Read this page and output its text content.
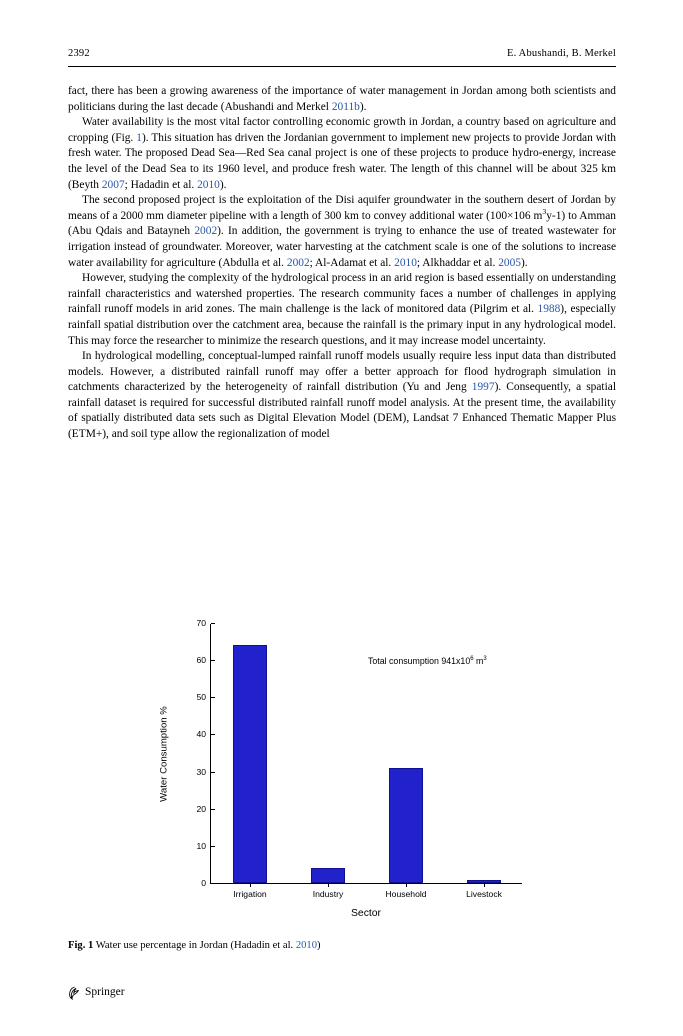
2392	E. Abushandi, B. Merkel

fact, there has been a growing awareness of the importance of water management in Jordan among both scientists and politicians during the last decade (Abushandi and Merkel 2011b).

Water availability is the most vital factor controlling economic growth in Jordan, a country based on agriculture and cropping (Fig. 1). This situation has driven the Jordanian government to implement new projects to provide Jordan with fresh water. The proposed Dead Sea—Red Sea canal project is one of these projects to produce hydro-energy, increase the level of the Dead Sea to its 1960 level, and produce fresh water. The length of this channel will be about 325 km (Beyth 2007; Hadadin et al. 2010).

The second proposed project is the exploitation of the Disi aquifer groundwater in the southern desert of Jordan by means of a 2000 mm diameter pipeline with a length of 300 km to convey additional water (100×106 $m^3y-1$) to Amman (Abu Qdais and Batayneh 2002). In addition, the government is trying to enhance the use of treated wastewater for irrigation instead of groundwater. Moreover, water harvesting at the catchment scale is one of the solutions to increase water availability for agriculture (Abdulla et al. 2002; Al-Adamat et al. 2010; Alkhaddar et al. 2005).

However, studying the complexity of the hydrological process in an arid region is based essentially on understanding rainfall characteristics and watershed properties. The research community faces a number of challenges in applying rainfall runoff models in arid zones. The main challenge is the lack of monitored data (Pilgrim et al. 1988), especially rainfall spatial distribution over the catchment area, because the rainfall is the primary input in any hydrological model. This may force the researcher to minimize the research questions, and it may increase model uncertainty.

In hydrological modelling, conceptual-lumped rainfall runoff models usually require less input data than distributed models. However, a distributed rainfall runoff may offer a better approach for flood hydrograph simulation in catchments characterized by the heterogeneity of rainfall distribution (Yu and Jeng 1997). Consequently, a spatial rainfall dataset is required for successful distributed rainfall runoff model analysis. At the present time, the availability of spatially distributed data sets such as Digital Elevation Model (DEM), Landsat 7 Enhanced Thematic Mapper Plus (ETM+), and soil type allow the regionalization of model

Water Consumption %
0
10
20
30
40
50
60
70
Irrigation	Industry	Household	Livestock
Sector
Total consumption $941x10^6$ $m^3$
Fig. 1 Water use percentage in Jordan (Hadadin et al. 2010)
Springer
